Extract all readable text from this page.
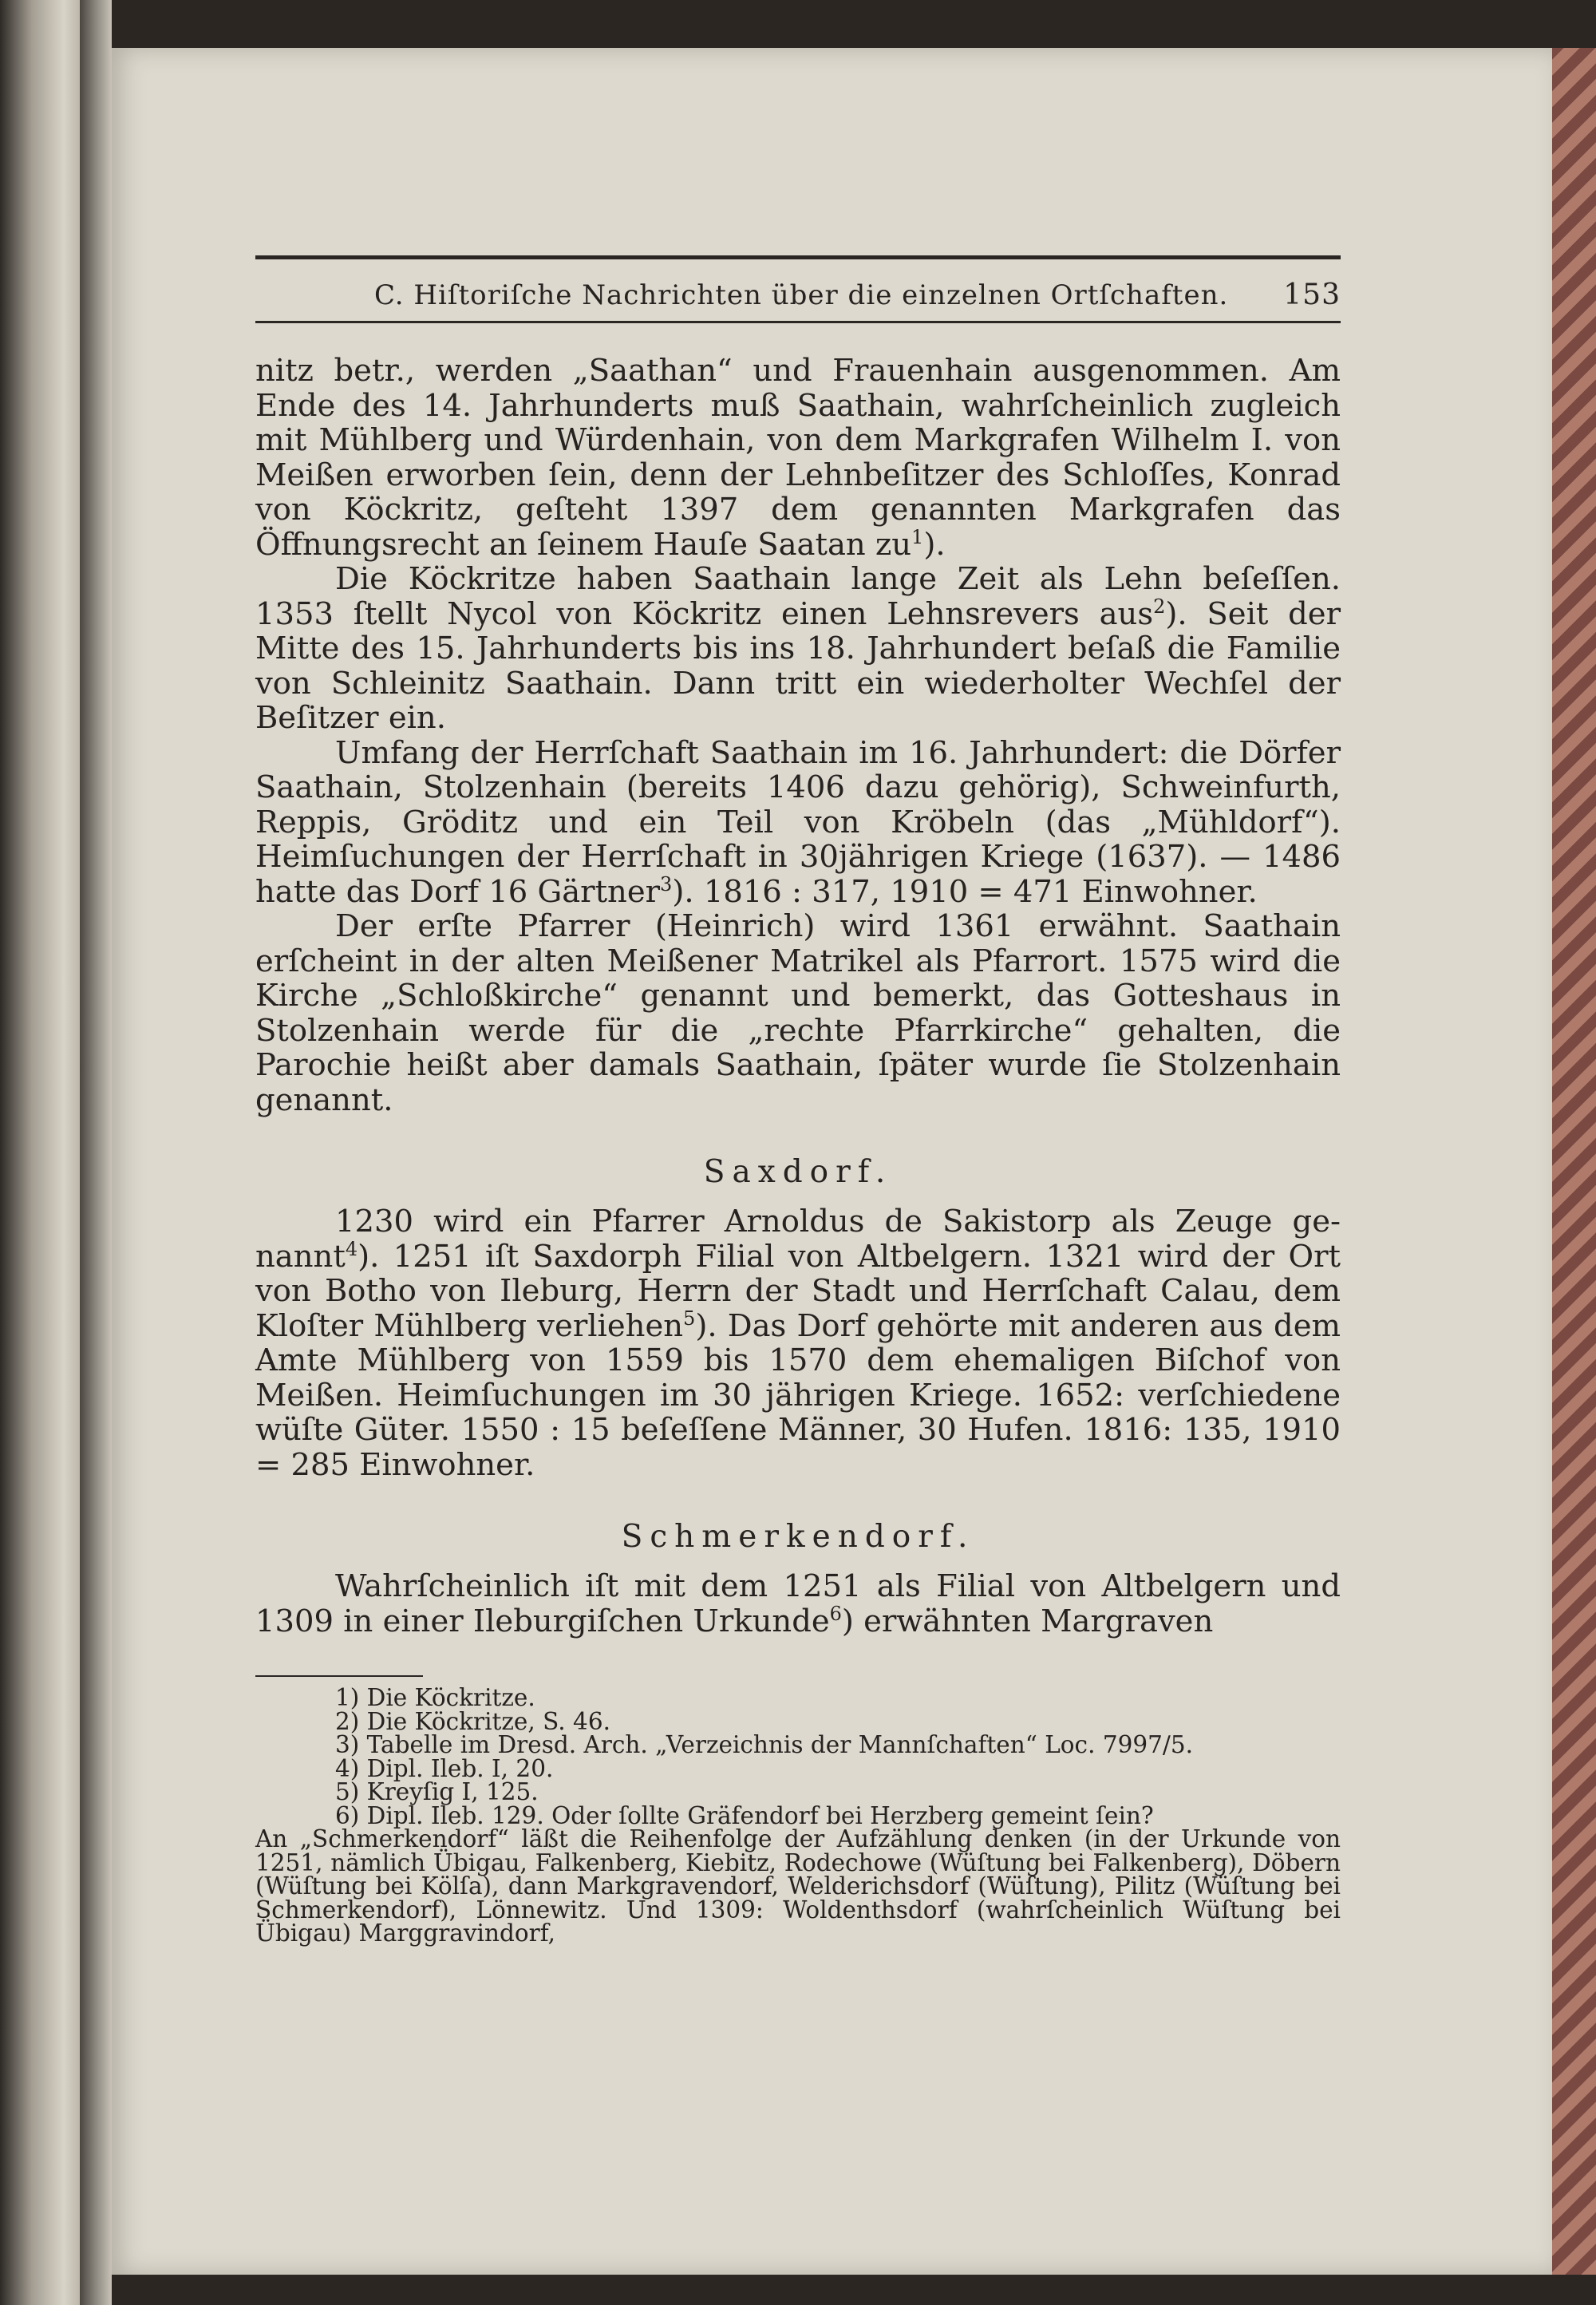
C. Hiſtoriſche Nachrichten über die einzelnen Ortſchaften.	153

nitz betr., werden „Saathan“ und Frauenhain ausgenommen. Am Ende des 14. Jahrhunderts muß Saathain, wahrſcheinlich zugleich mit Mühlberg und Würdenhain, von dem Markgrafen Wilhelm I. von Meißen erworben ſein, denn der Lehnbeſitzer des Schloſſes, Konrad von Köckritz, geſteht 1397 dem genannten Markgrafen das Öffnungsrecht an ſeinem Hauſe Saatan $zu^1$).

Die Köckritze haben Saathain lange Zeit als Lehn beſeſſen. 1353 ſtellt Nycol von Köckritz einen Lehnsrevers aus$^2$). Seit der Mitte des 15. Jahrhunderts bis ins 18. Jahrhundert beſaß die Familie von Schleinitz Saathain. Dann tritt ein wiederholter Wechſel der Beſitzer ein.

Umfang der Herrſchaft Saathain im 16. Jahrhundert: die Dörfer Saathain, Stolzenhain (bereits 1406 dazu gehörig), Schweinfurth, Reppis, Gröditz und ein Teil von Kröbeln (das „Mühldorf“). Heimſuchungen der Herrſchaft in 30jährigen Kriege (1637). — 1486 hatte das Dorf 16 Gärtner$^3$). 1816 : 317, 1910 = 471 Einwohner.

Der erſte Pfarrer (Heinrich) wird 1361 erwähnt. Saathain erſcheint in der alten Meißener Matrikel als Pfarrort. 1575 wird die Kirche „Schloßkirche“ genannt und bemerkt, das Gotteshaus in Stolzenhain werde für die „rechte Pfarrkirche“ gehalten, die Parochie heißt aber damals Saathain, ſpäter wurde ſie Stolzenhain genannt.

Saxdorf.

1230 wird ein Pfarrer Arnoldus de Sakistorp als Zeuge genannt$^4$). 1251 iſt Saxdorph Filial von Altbelgern. 1321 wird der Ort von Botho von Ileburg, Herrn der Stadt und Herrſchaft Calau, dem Kloſter Mühlberg verliehen$^5$). Das Dorf gehörte mit anderen aus dem Amte Mühlberg von 1559 bis 1570 dem ehemaligen Biſchof von Meißen. Heimſuchungen im 30 jährigen Kriege. 1652: verſchiedene wüſte Güter. 1550 : 15 beſeſſene Männer, 30 Hufen. 1816: 135, 1910 = 285 Einwohner.

Schmerkendorf.

Wahrſcheinlich iſt mit dem 1251 als Filial von Altbelgern und 1309 in einer Ileburgiſchen Urkunde$^6$) erwähnten Margraven

1) Die Köckritze.

2) Die Köckritze, S. 46.

3) Tabelle im Dresd. Arch. „Verzeichnis der Mannſchaften“ Loc. 7997/5.

4) Dipl. Ileb. I, 20.

5) Kreyſig I, 125.

6) Dipl. Ileb. 129. Oder ſollte Gräfendorf bei Herzberg gemeint ſein?

An „Schmerkendorf“ läßt die Reihenfolge der Aufzählung denken (in der Urkunde von 1251, nämlich Übigau, Falkenberg, Kiebitz, Rodechowe (Wüſtung bei Falkenberg), Döbern (Wüſtung bei Kölſa), dann Markgravendorf, Welderichsdorf (Wüſtung), Pilitz (Wüſtung bei Schmerkendorf), Lönnewitz. Und 1309: Woldenthsdorf (wahrſcheinlich Wüſtung bei Übigau) Marggravindorf,
